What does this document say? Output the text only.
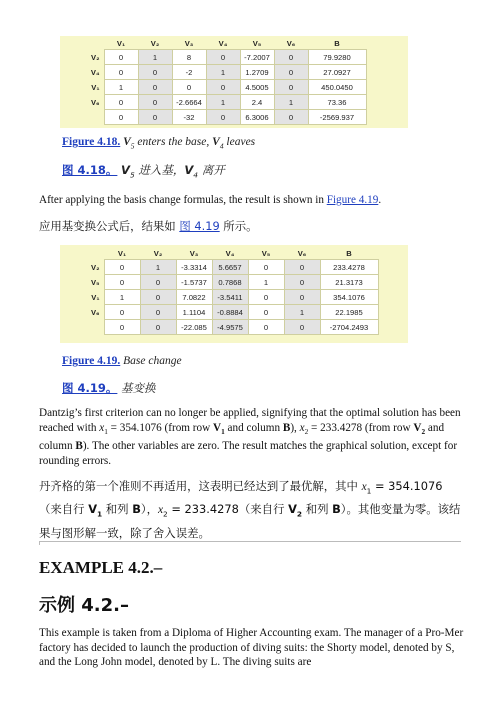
	V₁	V₂	V₃	V₄	V₅	V₆	B
V₂	0	1	8	0	-7.2007	0	79.9280
V₄	0	0	-2	1	1.2709	0	27.0927
V₁	1	0	0	0	4.5005	0	450.0450
V₆	0	0	-2.6664	1	2.4	1	73.36
	0	0	-32	0	6.3006	0	-2569.937
Figure 4.18. $V_5$ enters the base, $V_4$ leaves
图 4.18。 $V_5$ 进入基，$V_4$ 离开
After applying the basis change formulas, the result is shown in Figure 4.19.
应用基变换公式后，结果如 图 4.19 所示。
	V₁	V₂	V₃	V₄	V₅	V₆	B
V₂	0	1	-3.3314	5.6657	0	0	233.4278
V₅	0	0	-1.5737	0.7868	1	0	21.3173
V₁	1	0	7.0822	-3.5411	0	0	354.1076
V₆	0	0	1.1104	-0.8884	0	1	22.1985
	0	0	-22.085	-4.9575	0	0	-2704.2493
Figure 4.19. Base change
图 4.19。 基变换
Dantzig’s first criterion can no longer be applied, signifying that the optimal solution has been reached with $x_1 = 354.1076$ (from row $V_1$ and column B), $x_2 = 233.4278$ (from row $V_2$ and column B). The other variables are zero. The result matches the graphical solution, except for rounding errors.
丹齐格的第一个准则不再适用，这表明已经达到了最优解，其中 $x_1 = 354.1076$（来自行 $V_1$ 和列 B），$x_2 = 233.4278$（来自行 $V_2$ 和列 B）。其他变量为零。该结果与图形解一致，除了舍入误差。
EXAMPLE 4.2.–
示例 4.2.–
This example is taken from a Diploma of Higher Accounting exam. The manager of a Pro-Mer factory has decided to launch the production of diving suits: the Shorty model, denoted by S, and the Long John model, denoted by L. The diving suits are
